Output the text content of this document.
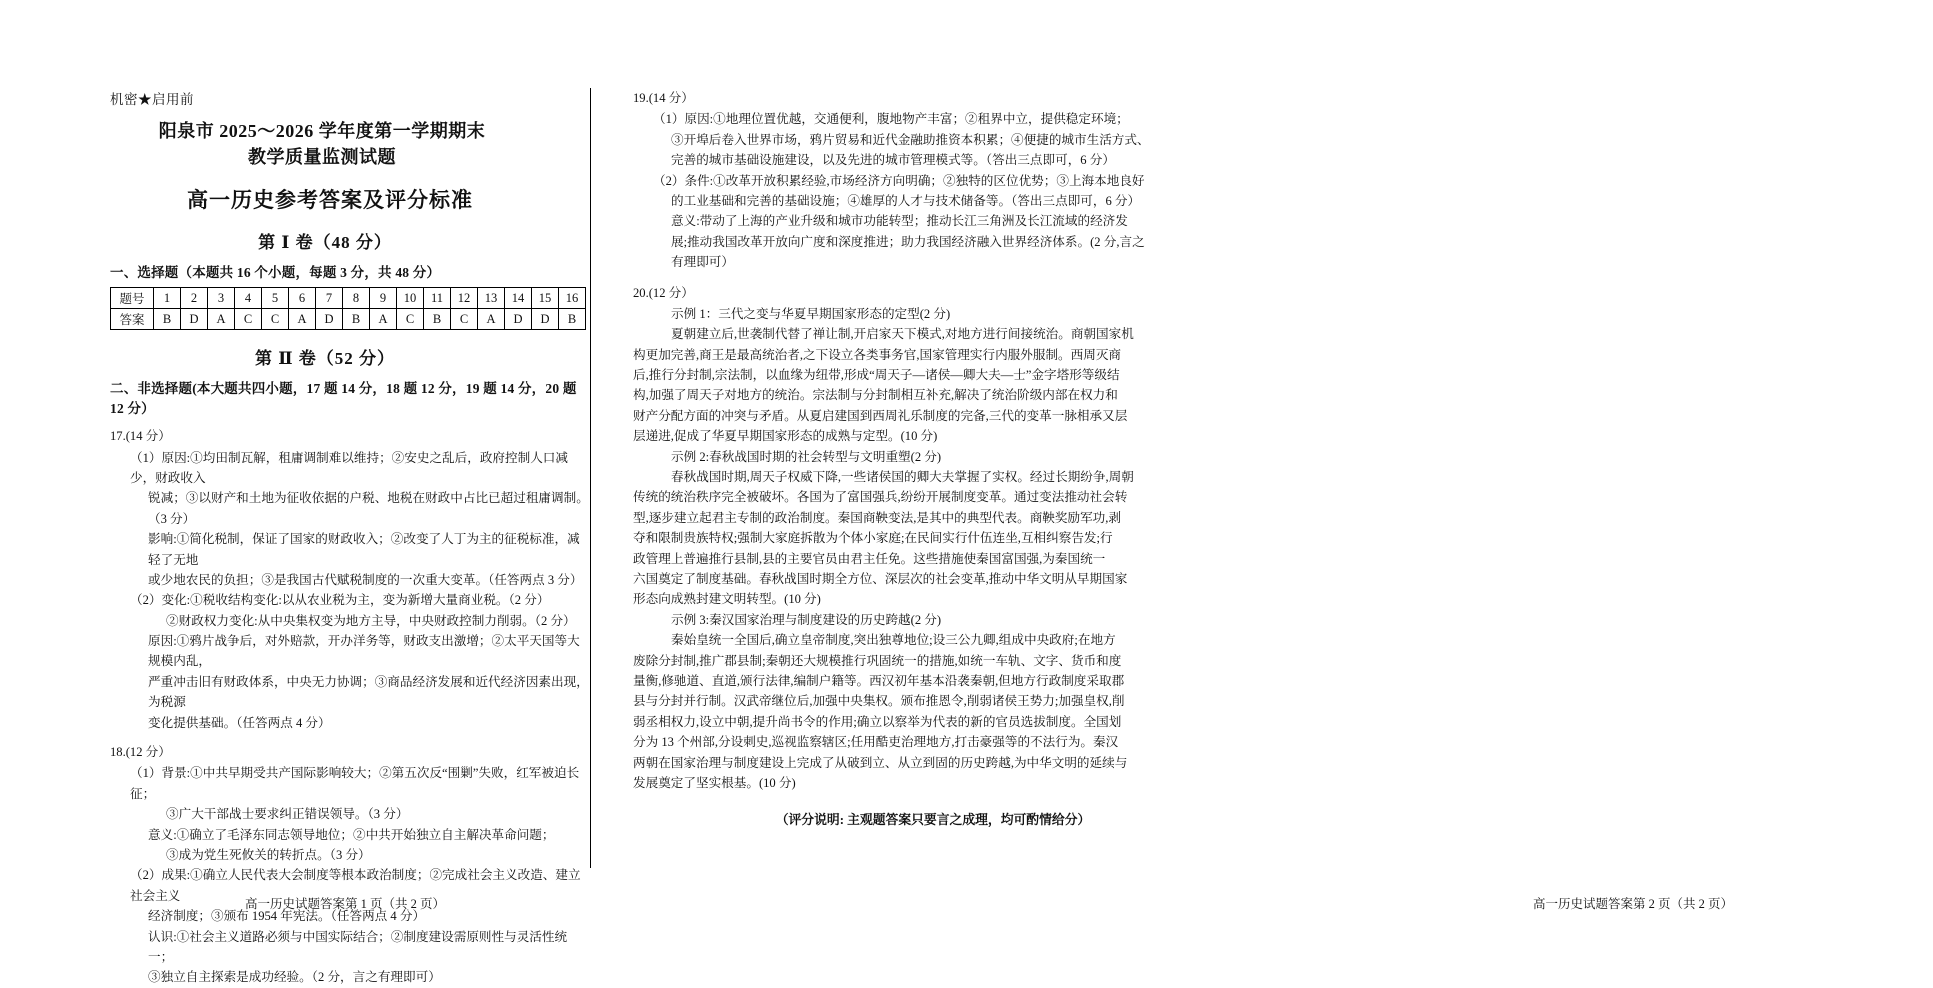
机密★启用前
阳泉市 2025～2026 学年度第一学期期末
教学质量监测试题
高一历史参考答案及评分标准
第 Ⅰ 卷（48 分）
一、选择题（本题共 16 个小题，每题 3 分，共 48 分）
题号	1	2	3	4	5	6	7	8	9	10	11	12	13	14	15	16
答案	B	D	A	C	C	A	D	B	A	C	B	C	A	D	D	B
第 Ⅱ 卷（52 分）
二、非选择题(本大题共四小题，17 题 14 分，18 题 12 分，19 题 14 分，20 题 12 分）

17.(14 分）

（1）原因:①均田制瓦解，租庸调制难以维持；②安史之乱后，政府控制人口减少，财政收入

锐减；③以财产和土地为征收依据的户税、地税在财政中占比已超过租庸调制。（3 分）

影响:①简化税制，保证了国家的财政收入；②改变了人丁为主的征税标准，减轻了无地

或少地农民的负担；③是我国古代赋税制度的一次重大变革。（任答两点 3 分）

（2）变化:①税收结构变化:以从农业税为主，变为新增大量商业税。（2 分）

②财政权力变化:从中央集权变为地方主导，中央财政控制力削弱。（2 分）

原因:①鸦片战争后，对外赔款，开办洋务等，财政支出激增；②太平天国等大规模内乱，

严重冲击旧有财政体系，中央无力协调；③商品经济发展和近代经济因素出现，为税源

变化提供基础。（任答两点 4 分）

18.(12 分）

（1）背景:①中共早期受共产国际影响较大；②第五次反“围剿”失败，红军被迫长征；

③广大干部战士要求纠正错误领导。（3 分）

意义:①确立了毛泽东同志领导地位；②中共开始独立自主解决革命问题；

③成为党生死攸关的转折点。（3 分）

（2）成果:①确立人民代表大会制度等根本政治制度；②完成社会主义改造、建立社会主义

经济制度；③颁布 1954 年宪法。（任答两点 4 分）

认识:①社会主义道路必须与中国实际结合；②制度建设需原则性与灵活性统一；

③独立自主探索是成功经验。（2 分，言之有理即可）

高一历史试题答案第 1 页（共 2 页）

19.(14 分）

（1）原因:①地理位置优越，交通便利，腹地物产丰富；②租界中立，提供稳定环境；

③开埠后卷入世界市场，鸦片贸易和近代金融助推资本积累；④便捷的城市生活方式、

完善的城市基础设施建设，以及先进的城市管理模式等。（答出三点即可，6 分）

（2）条件:①改革开放积累经验,市场经济方向明确；②独特的区位优势；③上海本地良好

的工业基础和完善的基础设施；④雄厚的人才与技术储备等。（答出三点即可，6 分）

意义:带动了上海的产业升级和城市功能转型；推动长江三角洲及长江流域的经济发

展;推动我国改革开放向广度和深度推进；助力我国经济融入世界经济体系。(2 分,言之

有理即可）

20.(12 分）

示例 1：三代之变与华夏早期国家形态的定型(2 分)

夏朝建立后,世袭制代替了禅让制,开启家天下模式,对地方进行间接统治。商朝国家机

构更加完善,商王是最高统治者,之下设立各类事务官,国家管理实行内服外服制。西周灭商

后,推行分封制,宗法制，以血缘为纽带,形成“周天子—诸侯—卿大夫—士”金字塔形等级结

构,加强了周天子对地方的统治。宗法制与分封制相互补充,解决了统治阶级内部在权力和

财产分配方面的冲突与矛盾。从夏启建国到西周礼乐制度的完备,三代的变革一脉相承又层

层递进,促成了华夏早期国家形态的成熟与定型。(10 分)

示例 2:春秋战国时期的社会转型与文明重塑(2 分)

春秋战国时期,周天子权威下降,一些诸侯国的卿大夫掌握了实权。经过长期纷争,周朝

传统的统治秩序完全被破坏。各国为了富国强兵,纷纷开展制度变革。通过变法推动社会转

型,逐步建立起君主专制的政治制度。秦国商鞅变法,是其中的典型代表。商鞅奖励军功,剥

夺和限制贵族特权;强制大家庭拆散为个体小家庭;在民间实行什伍连坐,互相纠察告发;行

政管理上普遍推行县制,县的主要官员由君主任免。这些措施使秦国富国强,为秦国统一

六国奠定了制度基础。春秋战国时期全方位、深层次的社会变革,推动中华文明从早期国家

形态向成熟封建文明转型。(10 分)

示例 3:秦汉国家治理与制度建设的历史跨越(2 分)

秦始皇统一全国后,确立皇帝制度,突出独尊地位;设三公九卿,组成中央政府;在地方

废除分封制,推广郡县制;秦朝还大规模推行巩固统一的措施,如统一车轨、文字、货币和度

量衡,修驰道、直道,颁行法律,编制户籍等。西汉初年基本沿袭秦朝,但地方行政制度采取郡

县与分封并行制。汉武帝继位后,加强中央集权。颁布推恩令,削弱诸侯王势力;加强皇权,削

弱丞相权力,设立中朝,提升尚书令的作用;确立以察举为代表的新的官员选拔制度。全国划

分为 13 个州部,分设刺史,巡视监察辖区;任用酷吏治理地方,打击豪强等的不法行为。秦汉

两朝在国家治理与制度建设上完成了从破到立、从立到固的历史跨越,为中华文明的延续与

发展奠定了坚实根基。(10 分)

（评分说明: 主观题答案只要言之成理，均可酌情给分）
高一历史试题答案第 2 页（共 2 页）
